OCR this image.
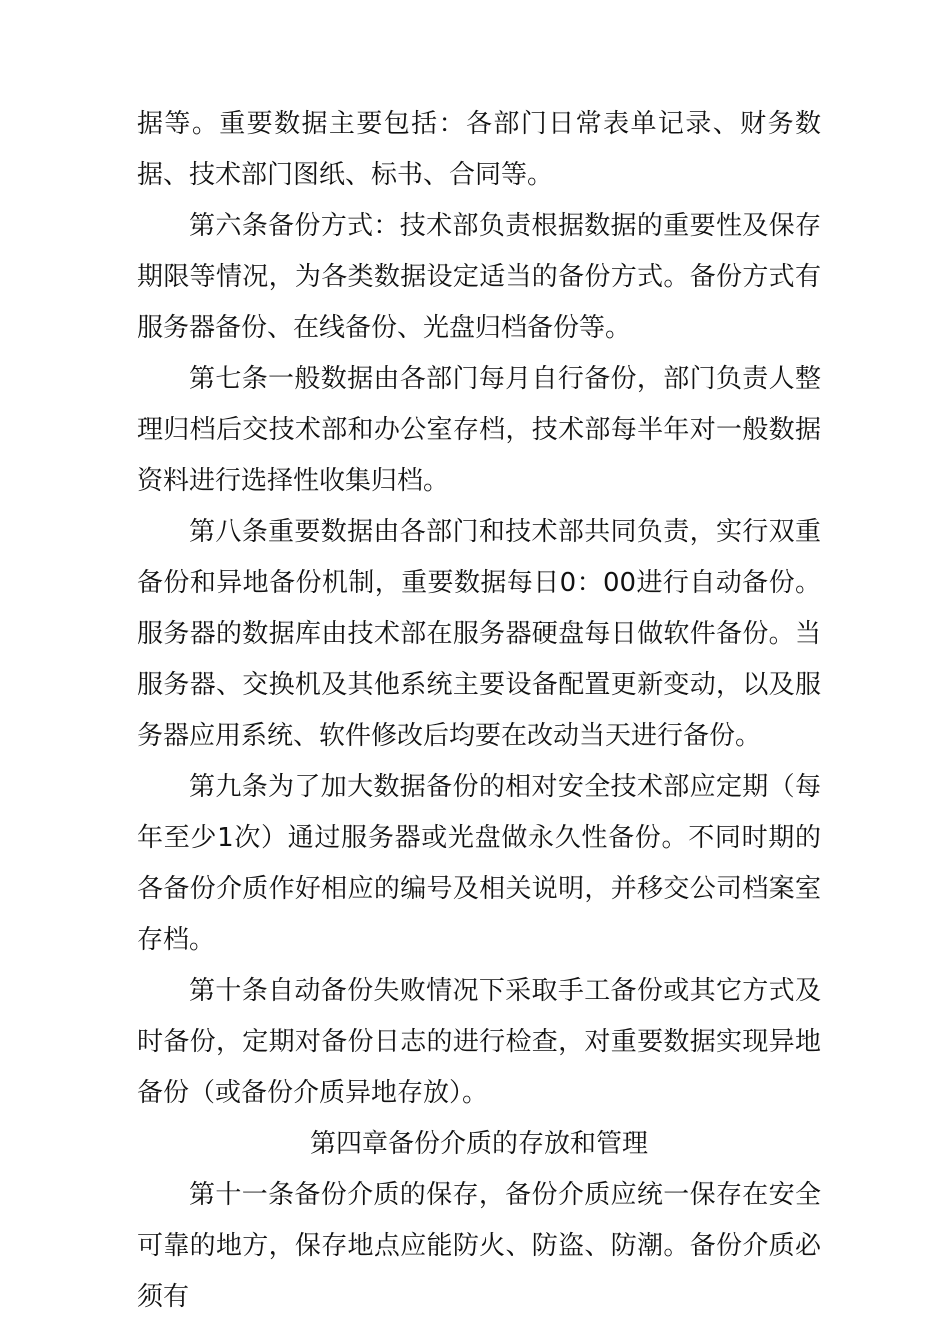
据等。重要数据主要包括：各部门日常表单记录、财务数据、技术部门图纸、标书、合同等。

第六条备份方式：技术部负责根据数据的重要性及保存期限等情况，为各类数据设定适当的备份方式。备份方式有服务器备份、在线备份、光盘归档备份等。

第七条一般数据由各部门每月自行备份，部门负责人整理归档后交技术部和办公室存档，技术部每半年对一般数据资料进行选择性收集归档。

第八条重要数据由各部门和技术部共同负责，实行双重备份和异地备份机制，重要数据每日0：00进行自动备份。服务器的数据库由技术部在服务器硬盘每日做软件备份。当服务器、交换机及其他系统主要设备配置更新变动，以及服务器应用系统、软件修改后均要在改动当天进行备份。

第九条为了加大数据备份的相对安全技术部应定期（每年至少1次）通过服务器或光盘做永久性备份。不同时期的各备份介质作好相应的编号及相关说明，并移交公司档案室存档。

第十条自动备份失败情况下采取手工备份或其它方式及时备份，定期对备份日志的进行检查，对重要数据实现异地备份（或备份介质异地存放）。

第四章备份介质的存放和管理

第十一条备份介质的保存，备份介质应统一保存在安全可靠的地方，保存地点应能防火、防盗、防潮。备份介质必须有
